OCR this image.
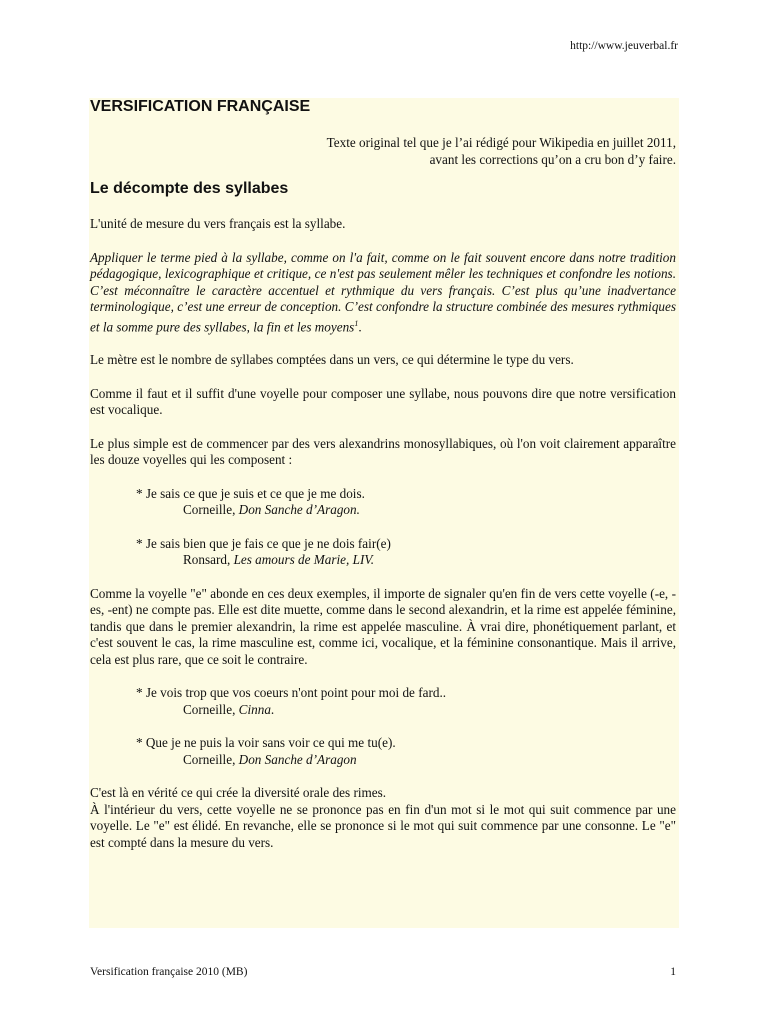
http://www.jeuverbal.fr
VERSIFICATION FRANÇAISE
Texte original tel que je l’ai rédigé pour Wikipedia en juillet 2011,
avant les corrections qu’on a cru bon d’y faire.
Le décompte des syllabes

L'unité de mesure du vers français est la syllabe.

Appliquer le terme pied à la syllabe, comme on l'a fait, comme on le fait souvent encore dans notre tradition pédagogique, lexicographique et critique, ce n'est pas seulement mêler les techniques et confondre les notions. C’est méconnaître le caractère accentuel et rythmique du vers français. C’est plus qu’une inadvertance terminologique, c’est une erreur de conception. C’est confondre la structure combinée des mesures rythmiques et la somme pure des syllabes, la fin et les moyens$^1$.

Le mètre est le nombre de syllabes comptées dans un vers, ce qui détermine le type du vers.

Comme il faut et il suffit d'une voyelle pour composer une syllabe, nous pouvons dire que notre versification est vocalique.

Le plus simple est de commencer par des vers alexandrins monosyllabiques, où l'on voit clairement apparaître les douze voyelles qui les composent :

* Je sais ce que je suis et ce que je me dois.
Corneille, Don Sanche d’Aragon.
* Je sais bien que je fais ce que je ne dois fair(e)
Ronsard, Les amours de Marie, LIV.

Comme la voyelle "e" abonde en ces deux exemples, il importe de signaler qu'en fin de vers cette voyelle (-e, -es, -ent) ne compte pas. Elle est dite muette, comme dans le second alexandrin, et la rime est appelée féminine, tandis que dans le premier alexandrin, la rime est appelée masculine. À vrai dire, phonétiquement parlant, et c'est souvent le cas, la rime masculine est, comme ici, vocalique, et la féminine consonantique. Mais il arrive, cela est plus rare, que ce soit le contraire.

* Je vois trop que vos coeurs n'ont point pour moi de fard..
Corneille, Cinna.
* Que je ne puis la voir sans voir ce qui me tu(e).
Corneille, Don Sanche d’Aragon

C'est là en vérité ce qui crée la diversité orale des rimes.

À l'intérieur du vers, cette voyelle ne se prononce pas en fin d'un mot si le mot qui suit commence par une voyelle. Le "e" est élidé. En revanche, elle se prononce si le mot qui suit commence par une consonne. Le "e" est compté dans la mesure du vers.

Versification française 2010 (MB)	1
